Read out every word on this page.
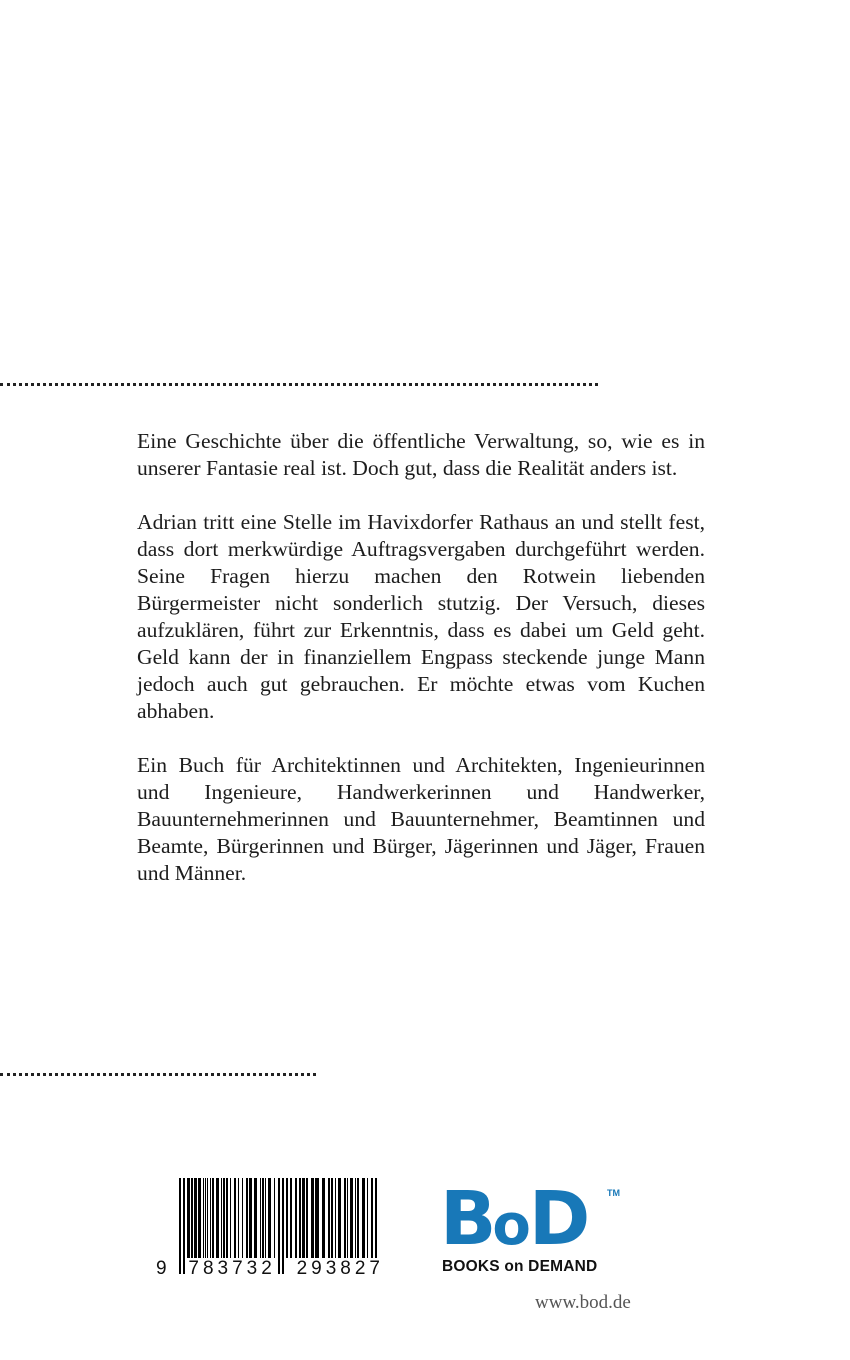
Eine Geschichte über die öffentliche Verwaltung, so, wie es in unserer Fantasie real ist. Doch gut, dass die Realität anders ist.

Adrian tritt eine Stelle im Havixdorfer Rathaus an und stellt fest, dass dort merkwürdige Auftragsvergaben durchgeführt werden. Seine Fragen hierzu machen den Rotwein liebenden Bürgermeister nicht sonderlich stutzig. Der Versuch, dieses aufzuklären, führt zur Erkenntnis, dass es dabei um Geld geht. Geld kann der in finanziellem Engpass steckende junge Mann jedoch auch gut gebrauchen. Er möchte etwas vom Kuchen abhaben.

Ein Buch für Architektinnen und Architekten, Ingenieurinnen und Ingenieure, Handwerkerinnen und Handwerker, Bauunternehmerinnen und Bauunternehmer, Beamtinnen und Beamte, Bürgerinnen und Bürger, Jägerinnen und Jäger, Frauen und Männer.

9 783732 293827
B o D TM
BOOKS on DEMAND
www.bod.de
